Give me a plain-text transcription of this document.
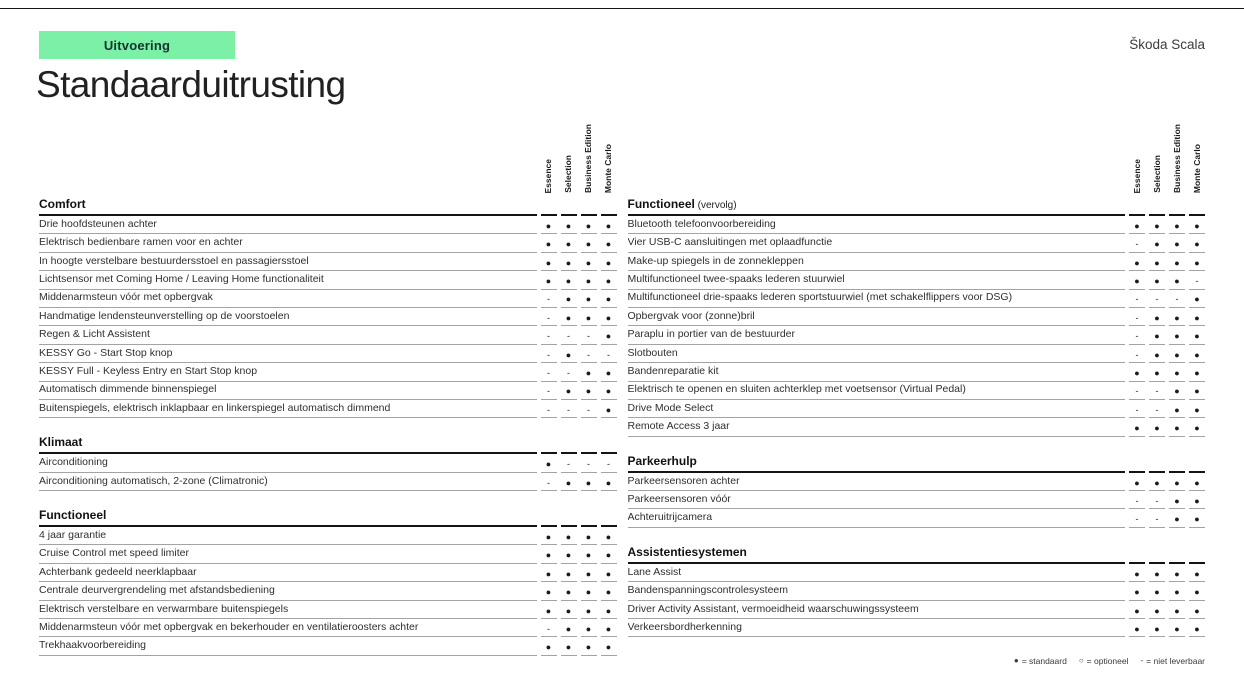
Uitvoering	Škoda Scala
Standaarduitrusting
Essence Selection Business Edition Monte Carlo
Comfort
Drie hoofdsteunen achter	●	●	●	●
Elektrisch bedienbare ramen voor en achter	●	●	●	●
In hoogte verstelbare bestuurdersstoel en passagiersstoel	●	●	●	●
Lichtsensor met Coming Home / Leaving Home functionaliteit	●	●	●	●
Middenarmsteun vóór met opbergvak	-	●	●	●
Handmatige lendensteunverstelling op de voorstoelen	-	●	●	●
Regen & Licht Assistent	-	-	-	●
KESSY Go - Start Stop knop	-	●	-	-
KESSY Full - Keyless Entry en Start Stop knop	-	-	●	●
Automatisch dimmende binnenspiegel	-	●	●	●
Buitenspiegels, elektrisch inklapbaar en linkerspiegel automatisch dimmend	-	-	-	●
Klimaat
Airconditioning	●	-	-	-
Airconditioning automatisch, 2-zone (Climatronic)	-	●	●	●
Functioneel
4 jaar garantie	●	●	●	●
Cruise Control met speed limiter	●	●	●	●
Achterbank gedeeld neerklapbaar	●	●	●	●
Centrale deurvergrendeling met afstandsbediening	●	●	●	●
Elektrisch verstelbare en verwarmbare buitenspiegels	●	●	●	●
Middenarmsteun vóór met opbergvak en bekerhouder en ventilatieroosters achter	-	●	●	●
Trekhaakvoorbereiding	●	●	●	●
Essence Selection Business Edition Monte Carlo
Functioneel (vervolg)
Bluetooth telefoonvoorbereiding	●	●	●	●
Vier USB-C aansluitingen met oplaadfunctie	-	●	●	●
Make-up spiegels in de zonnekleppen	●	●	●	●
Multifunctioneel twee-spaaks lederen stuurwiel	●	●	●	-
Multifunctioneel drie-spaaks lederen sportstuurwiel (met schakelflippers voor DSG)	-	-	-	●
Opbergvak voor (zonne)bril	-	●	●	●
Paraplu in portier van de bestuurder	-	●	●	●
Slotbouten	-	●	●	●
Bandenreparatie kit	●	●	●	●
Elektrisch te openen en sluiten achterklep met voetsensor (Virtual Pedal)	-	-	●	●
Drive Mode Select	-	-	●	●
Remote Access 3 jaar	●	●	●	●
Parkeerhulp
Parkeersensoren achter	●	●	●	●
Parkeersensoren vóór	-	-	●	●
Achteruitrijcamera	-	-	●	●
Assistentiesystemen
Lane Assist	●	●	●	●
Bandenspanningscontrolesysteem	●	●	●	●
Driver Activity Assistant, vermoeidheid waarschuwingssysteem	●	●	●	●
Verkeersbordherkenning	●	●	●	●
● = standaard ○ = optioneel - = niet leverbaar
